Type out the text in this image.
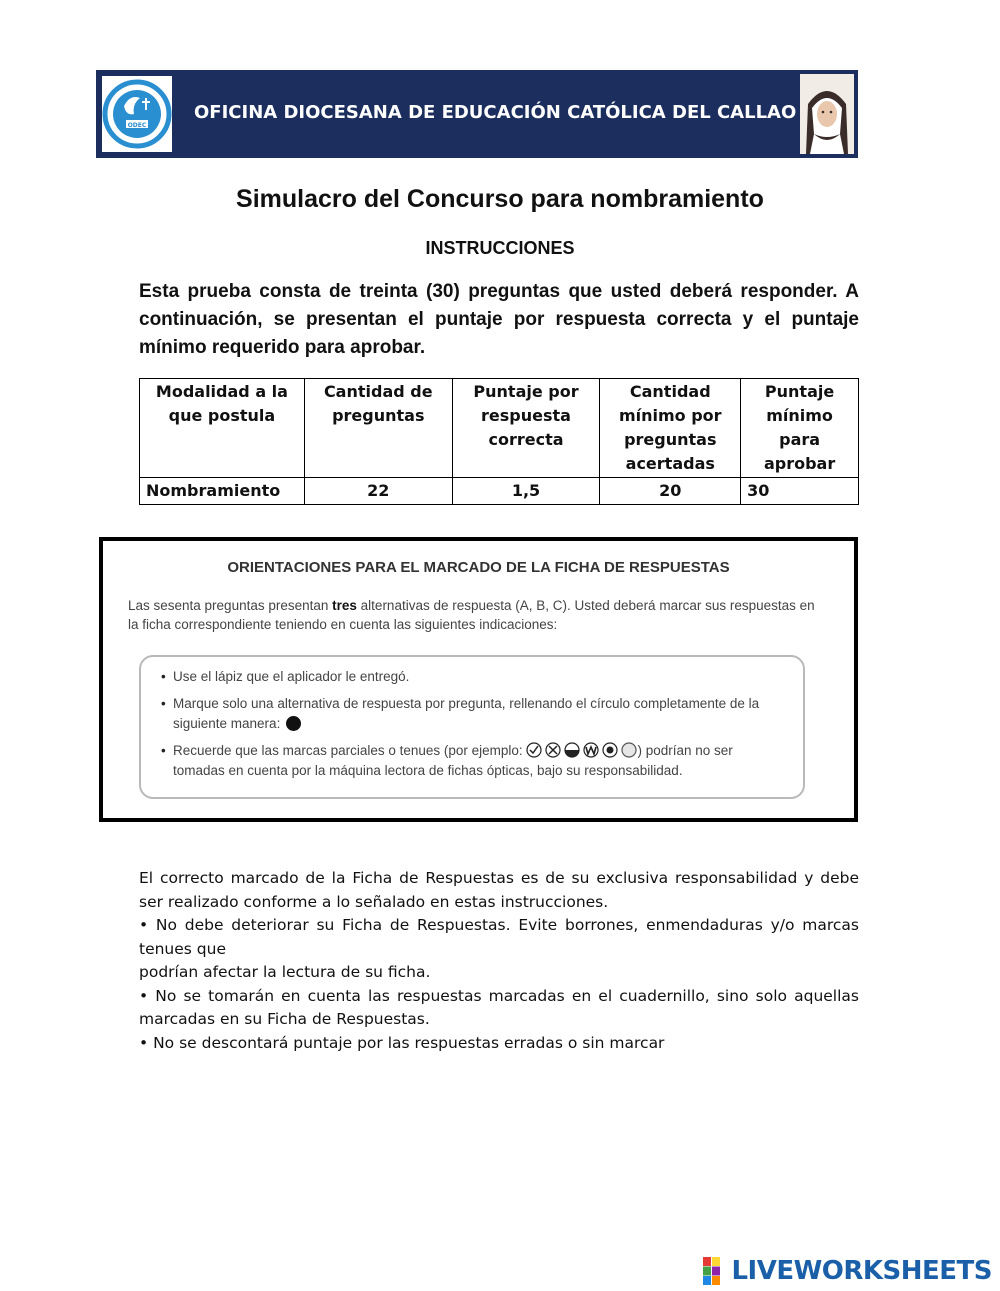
ODEC
OFICINA DIOCESANA DE EDUCACIÓN CATÓLICA DEL CALLAO
Simulacro del Concurso para nombramiento
INSTRUCCIONES

Esta prueba consta de treinta (30) preguntas que usted deberá responder. A continuación, se presentan el puntaje por respuesta correcta y el puntaje mínimo requerido para aprobar.

Modalidad a la que postula	Cantidad de preguntas	Puntaje por respuesta correcta	Cantidad mínimo por preguntas acertadas	Puntaje mínimo para aprobar
Nombramiento	22	1,5	20	30

ORIENTACIONES PARA EL MARCADO DE LA FICHA DE RESPUESTAS

Las sesenta preguntas presentan tres alternativas de respuesta (A, B, C). Usted deberá marcar sus respuestas en la ficha correspondiente teniendo en cuenta las siguientes indicaciones:

• Use el lápiz que el aplicador le entregó.
• Marque solo una alternativa de respuesta por pregunta, rellenando el círculo completamente de la siguiente manera:
• Recuerde que las marcas parciales o tenues (por ejemplo:	) podrían no ser tomadas en cuenta por la máquina lectora de fichas ópticas, bajo su responsabilidad.

El correcto marcado de la Ficha de Respuestas es de su exclusiva responsabilidad y debe ser realizado conforme a lo señalado en estas instrucciones.

• No debe deteriorar su Ficha de Respuestas. Evite borrones, enmendaduras y/o marcas tenues que

podrían afectar la lectura de su ficha.

• No se tomarán en cuenta las respuestas marcadas en el cuadernillo, sino solo aquellas marcadas en su Ficha de Respuestas.

• No se descontará puntaje por las respuestas erradas o sin marcar

LIVEWORKSHEETS
